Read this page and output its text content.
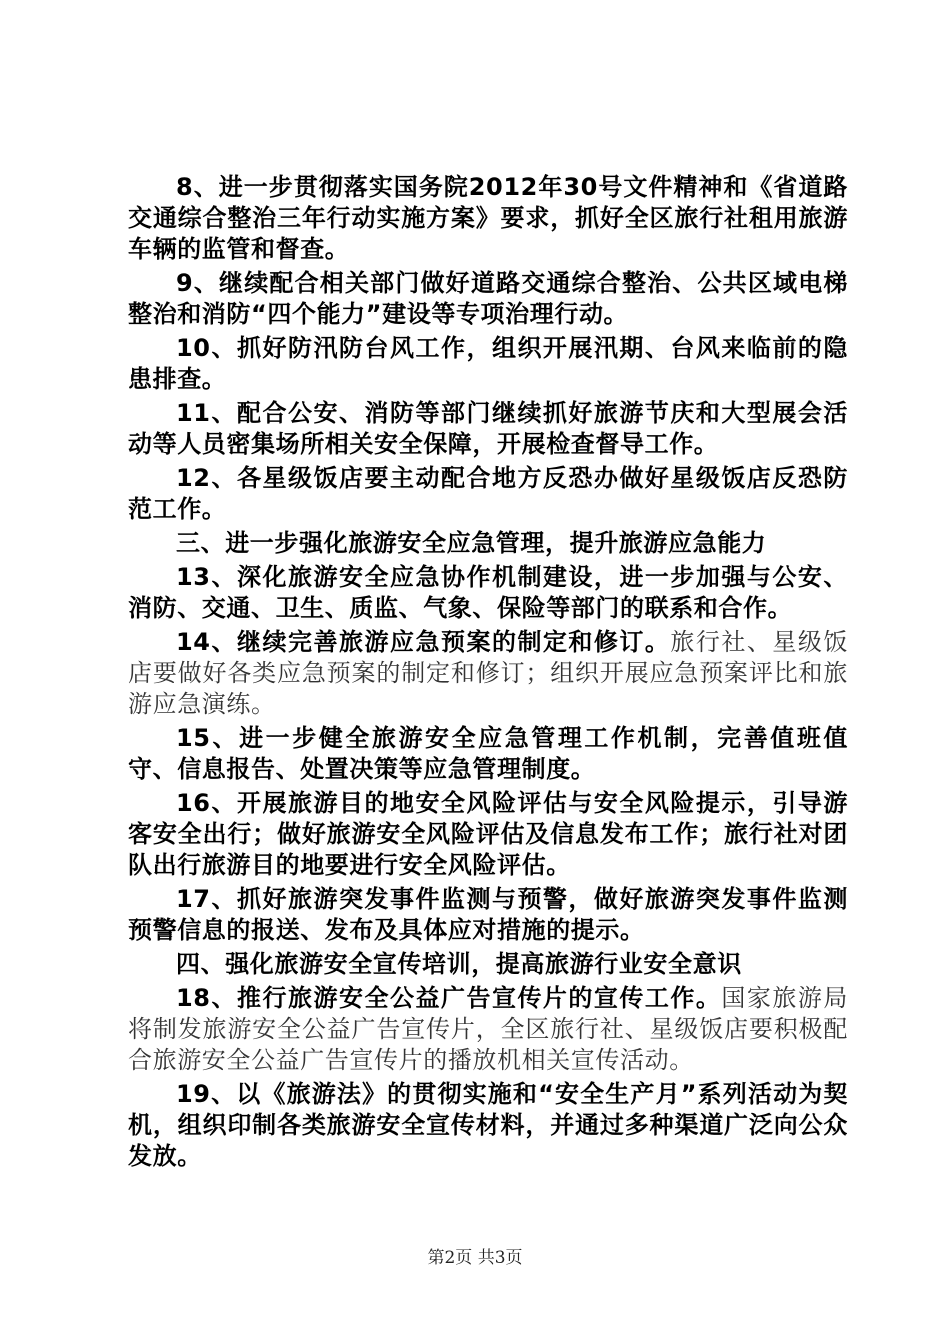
8、进一步贯彻落实国务院2012年30号文件精神和《省道路交通综合整治三年行动实施方案》要求，抓好全区旅行社租用旅游车辆的监管和督查。

9、继续配合相关部门做好道路交通综合整治、公共区域电梯整治和消防“四个能力”建设等专项治理行动。

10、抓好防汛防台风工作，组织开展汛期、台风来临前的隐患排查。

11、配合公安、消防等部门继续抓好旅游节庆和大型展会活动等人员密集场所相关安全保障，开展检查督导工作。

12、各星级饭店要主动配合地方反恐办做好星级饭店反恐防范工作。

三、进一步强化旅游安全应急管理，提升旅游应急能力

13、深化旅游安全应急协作机制建设，进一步加强与公安、消防、交通、卫生、质监、气象、保险等部门的联系和合作。

14、继续完善旅游应急预案的制定和修订。旅行社、星级饭店要做好各类应急预案的制定和修订；组织开展应急预案评比和旅游应急演练。

15、进一步健全旅游安全应急管理工作机制，完善值班值守、信息报告、处置决策等应急管理制度。

16、开展旅游目的地安全风险评估与安全风险提示，引导游客安全出行；做好旅游安全风险评估及信息发布工作；旅行社对团队出行旅游目的地要进行安全风险评估。

17、抓好旅游突发事件监测与预警，做好旅游突发事件监测预警信息的报送、发布及具体应对措施的提示。

四、强化旅游安全宣传培训，提高旅游行业安全意识

18、推行旅游安全公益广告宣传片的宣传工作。国家旅游局将制发旅游安全公益广告宣传片，全区旅行社、星级饭店要积极配合旅游安全公益广告宣传片的播放机相关宣传活动。

19、以《旅游法》的贯彻实施和“安全生产月”系列活动为契机，组织印制各类旅游安全宣传材料，并通过多种渠道广泛向公众发放。

第2页 共3页
